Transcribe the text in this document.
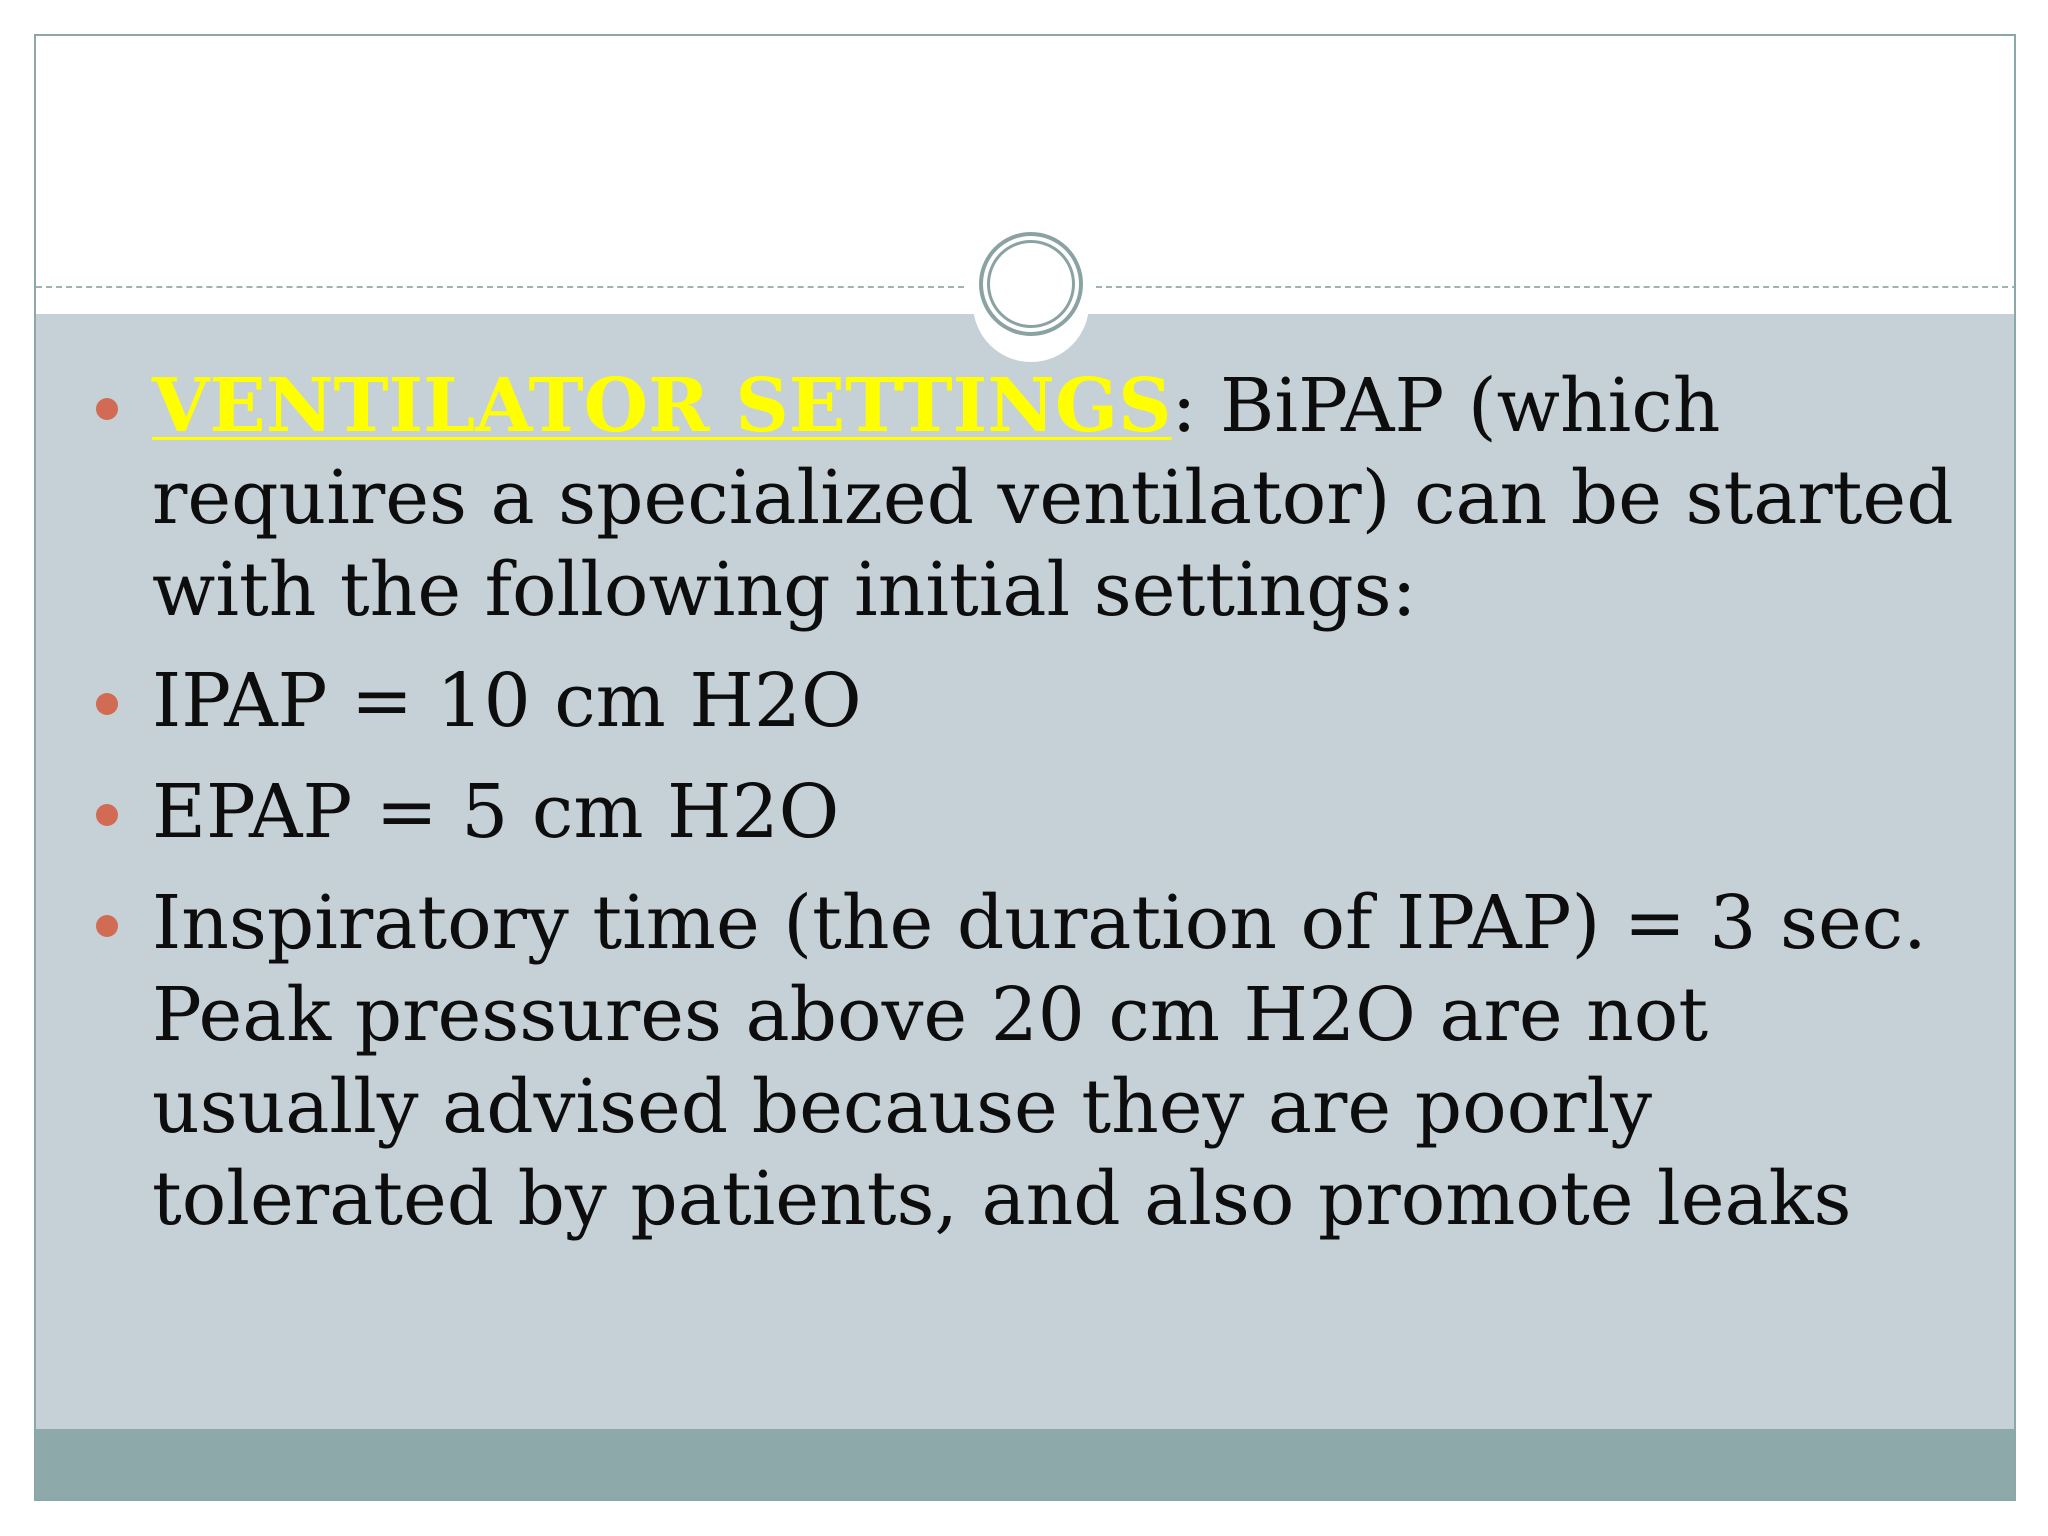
VENTILATOR SETTINGS: BiPAP (which requires a specialized ventilator) can be started with the following initial settings:
IPAP = 10 cm H2O
EPAP = 5 cm H2O
Inspiratory time (the duration of IPAP) = 3 sec. Peak pressures above 20 cm H2O are not usually advised because they are poorly tolerated by patients, and also promote leaks
